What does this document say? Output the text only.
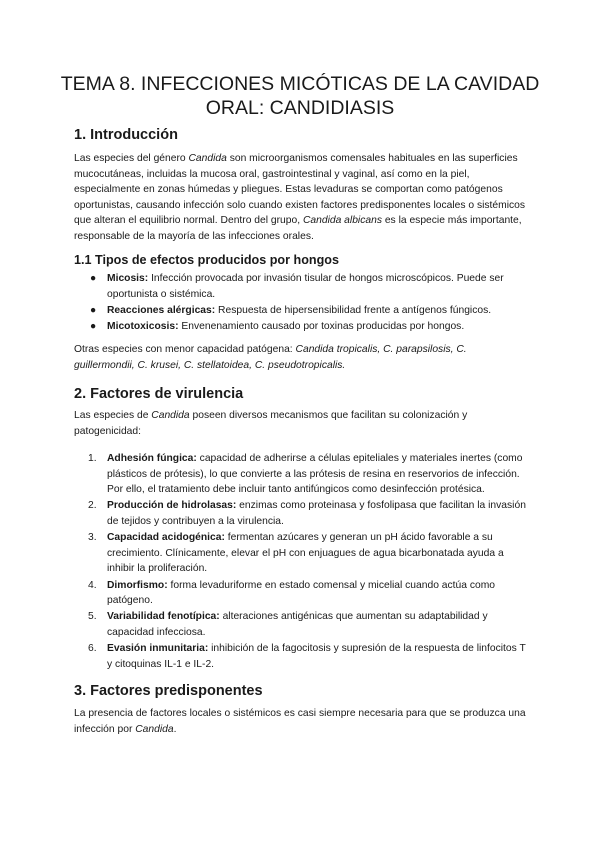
TEMA 8. INFECCIONES MICÓTICAS DE LA CAVIDAD ORAL: CANDIDIASIS
1. Introducción

Las especies del género Candida son microorganismos comensales habituales en las superficies mucocutáneas, incluidas la mucosa oral, gastrointestinal y vaginal, así como en la piel, especialmente en zonas húmedas y pliegues. Estas levaduras se comportan como patógenos oportunistas, causando infección solo cuando existen factores predisponentes locales o sistémicos que alteran el equilibrio normal. Dentro del grupo, Candida albicans es la especie más importante, responsable de la mayoría de las infecciones orales.

1.1 Tipos de efectos producidos por hongos
● Micosis: Infección provocada por invasión tisular de hongos microscópicos. Puede ser oportunista o sistémica.
● Reacciones alérgicas: Respuesta de hipersensibilidad frente a antígenos fúngicos.
● Micotoxicosis: Envenenamiento causado por toxinas producidas por hongos.

Otras especies con menor capacidad patógena: Candida tropicalis, C. parapsilosis, C. guillermondii, C. krusei, C. stellatoidea, C. pseudotropicalis.

2. Factores de virulencia

Las especies de Candida poseen diversos mecanismos que facilitan su colonización y patogenicidad:

1. Adhesión fúngica: capacidad de adherirse a células epiteliales y materiales inertes (como plásticos de prótesis), lo que convierte a las prótesis de resina en reservorios de infección. Por ello, el tratamiento debe incluir tanto antifúngicos como desinfección protésica.
2. Producción de hidrolasas: enzimas como proteinasa y fosfolipasa que facilitan la invasión de tejidos y contribuyen a la virulencia.
3. Capacidad acidogénica: fermentan azúcares y generan un pH ácido favorable a su crecimiento. Clínicamente, elevar el pH con enjuagues de agua bicarbonatada ayuda a inhibir la proliferación.
4. Dimorfismo: forma levaduriforme en estado comensal y micelial cuando actúa como patógeno.
5. Variabilidad fenotípica: alteraciones antigénicas que aumentan su adaptabilidad y capacidad infecciosa.
6. Evasión inmunitaria: inhibición de la fagocitosis y supresión de la respuesta de linfocitos T y citoquinas IL-1 e IL-2.
3. Factores predisponentes

La presencia de factores locales o sistémicos es casi siempre necesaria para que se produzca una infección por Candida.
